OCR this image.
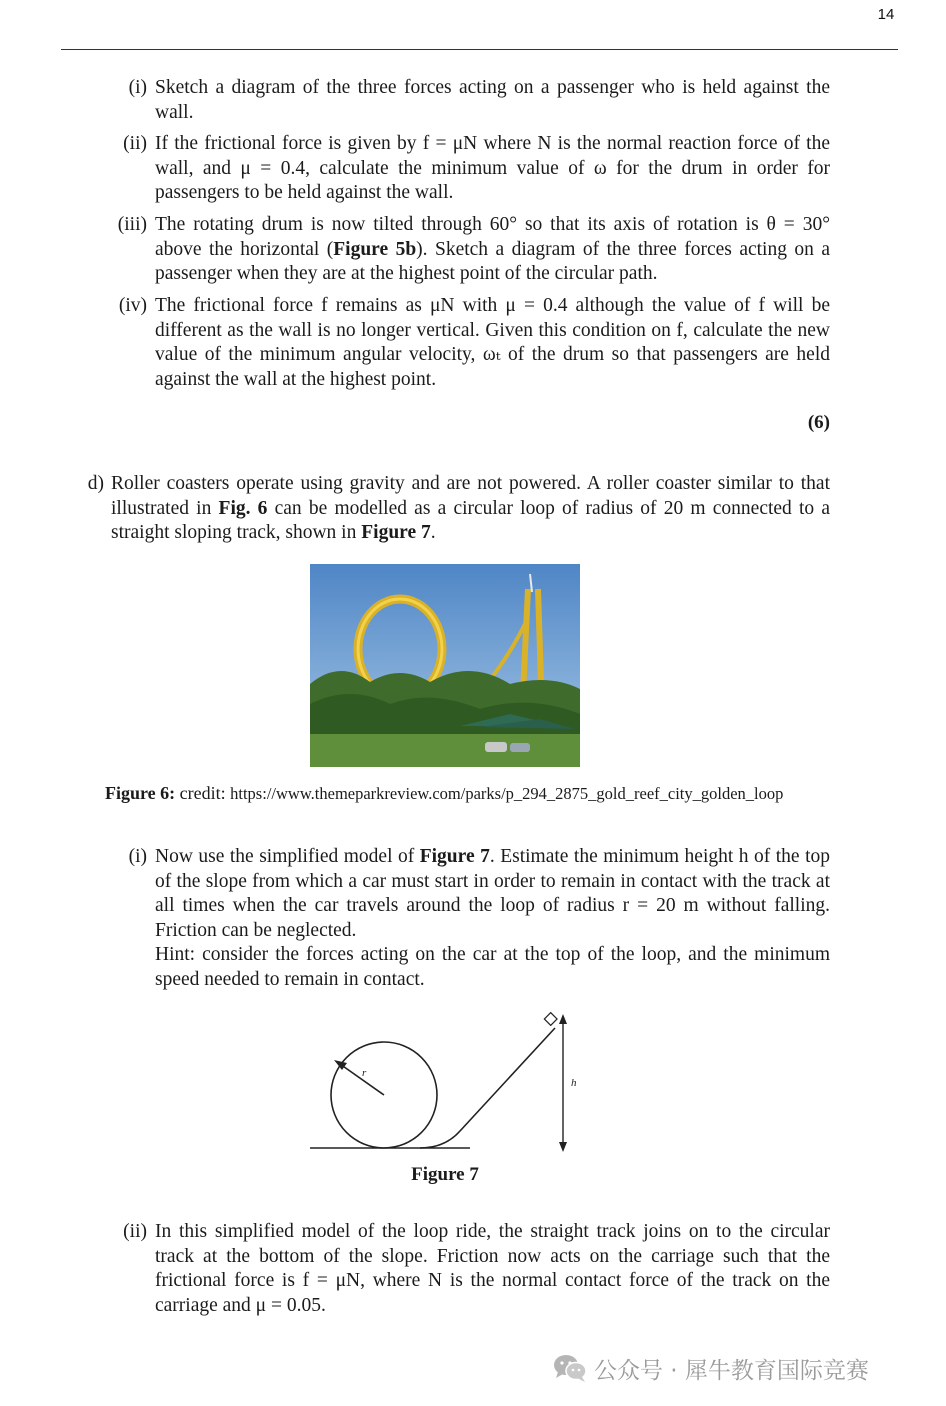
14
(i) Sketch a diagram of the three forces acting on a passenger who is held against the wall.

(ii) If the frictional force is given by f = μN where N is the normal reaction force of the wall, and μ = 0.4, calculate the minimum value of ω for the drum in order for passengers to be held against the wall.

(iii) The rotating drum is now tilted through 60° so that its axis of rotation is θ = 30° above the horizontal (Figure 5b). Sketch a diagram of the three forces acting on a passenger when they are at the highest point of the circular path.

(iv) The frictional force f remains as μN with μ = 0.4 although the value of f will be different as the wall is no longer vertical. Given this condition on f, calculate the new value of the minimum angular velocity, ωₜ of the drum so that passengers are held against the wall at the highest point.

(6)
d) Roller coasters operate using gravity and are not powered. A roller coaster similar to that illustrated in Fig. 6 can be modelled as a circular loop of radius of 20 m connected to a straight sloping track, shown in Figure 7.

Figure 6: credit: https://www.themeparkreview.com/parks/p_294_2875_gold_reef_city_golden_loop
(i) Now use the simplified model of Figure 7. Estimate the minimum height h of the top of the slope from which a car must start in order to remain in contact with the track at all times when the car travels around the loop of radius r = 20 m without falling. Friction can be neglected.

Hint: consider the forces acting on the car at the top of the loop, and the minimum speed needed to remain in contact.

r
h
Figure 7
(ii) In this simplified model of the loop ride, the straight track joins on to the circular track at the bottom of the slope. Friction now acts on the carriage such that the frictional force is f = μN, where N is the normal contact force of the track on the carriage and μ = 0.05.

公众号 · 犀牛教育国际竞赛
